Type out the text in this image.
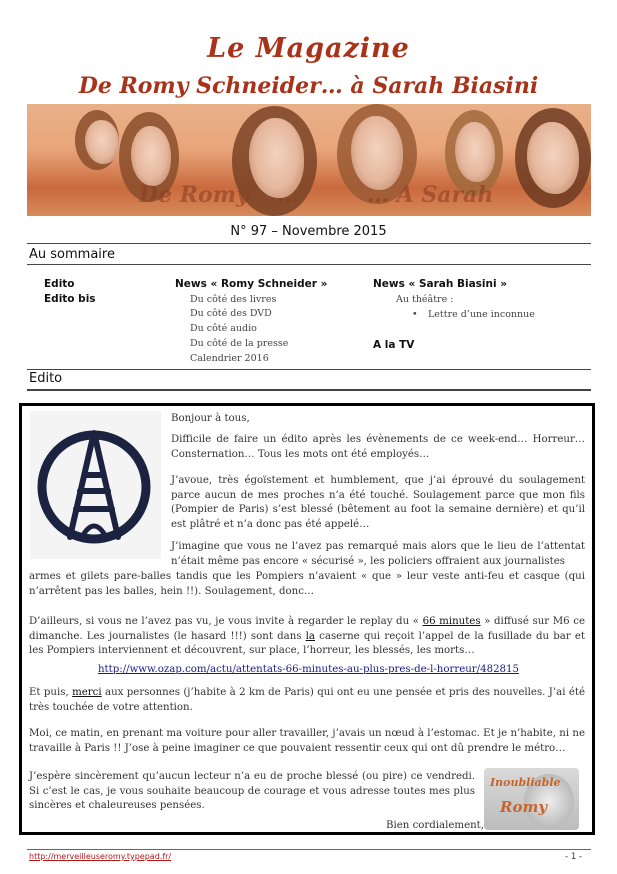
Le Magazine
De Romy Schneider… à Sarah Biasini
De Romy …	… A Sarah
N° 97 – Novembre 2015
Au sommaire
Edito
Edito bis
News « Romy Schneider »
Du côté des livres
Du côté des DVD
Du côté audio
Du côté de la presse
Calendrier 2016
News « Sarah Biasini »
Au théâtre :
• Lettre d’une inconnue
A la TV
Edito
Bonjour à tous,
Difficile de faire un édito après les évènements de ce week-end… Horreur… Consternation… Tous les mots ont été employés…
J’avoue, très égoïstement et humblement, que j’ai éprouvé du soulagement parce aucun de mes proches n’a été touché. Soulagement parce que mon fils (Pompier de Paris) s’est blessé (bêtement au foot la semaine dernière) et qu’il est plâtré et n’a donc pas été appelé…
J’imagine que vous ne l’avez pas remarqué mais alors que le lieu de l’attentat n’était même pas encore « sécurisé », les policiers offraient aux journalistes
armes et gilets pare-balles tandis que les Pompiers n’avaient « que » leur veste anti-feu et casque (qui n’arrêtent pas les balles, hein !!). Soulagement, donc…
D’ailleurs, si vous ne l’avez pas vu, je vous invite à regarder le replay du « 66 minutes » diffusé sur M6 ce dimanche. Les journalistes (le hasard !!!) sont dans la caserne qui reçoit l’appel de la fusillade du bar et les Pompiers interviennent et découvrent, sur place, l’horreur, les blessés, les morts…
http://www.ozap.com/actu/attentats-66-minutes-au-plus-pres-de-l-horreur/482815
Et puis, merci aux personnes (j’habite à 2 km de Paris) qui ont eu une pensée et pris des nouvelles. J’ai été très touchée de votre attention.
Moi, ce matin, en prenant ma voiture pour aller travailler, j’avais un nœud à l’estomac. Et je n’habite, ni ne travaille à Paris !! J’ose à peine imaginer ce que pouvaient ressentir ceux qui ont dû prendre le métro…
J’espère sincèrement qu’aucun lecteur n’a eu de proche blessé (ou pire) ce vendredi. Si c’est le cas, je vous souhaite beaucoup de courage et vous adresse toutes mes plus sincères et chaleureuses pensées.
Bien cordialement,
Inoubliable
Romy
http://merveilleuseromy.typepad.fr/	- 1 -
